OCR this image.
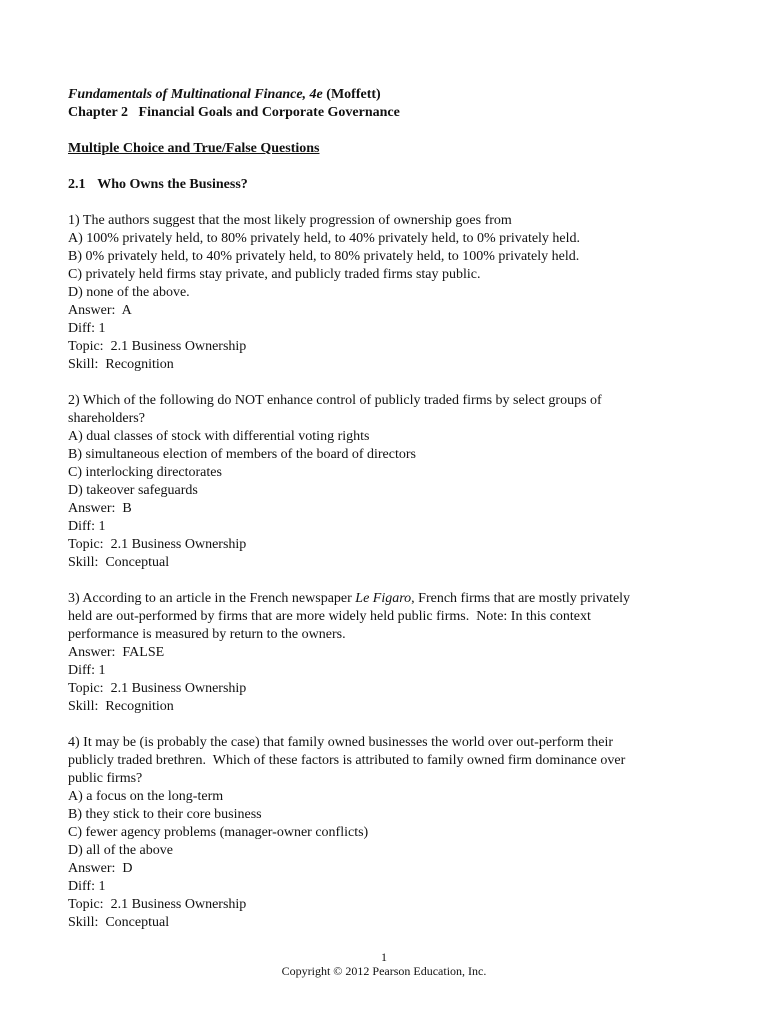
Fundamentals of Multinational Finance, 4e (Moffett)

Chapter 2   Financial Goals and Corporate Governance

Multiple Choice and True/False Questions

2.1 Who Owns the Business?

1) The authors suggest that the most likely progression of ownership goes from

A) 100% privately held, to 80% privately held, to 40% privately held, to 0% privately held.

B) 0% privately held, to 40% privately held, to 80% privately held, to 100% privately held.

C) privately held firms stay private, and publicly traded firms stay public.

D) none of the above.

Answer:  A

Diff: 1

Topic:  2.1 Business Ownership

Skill:  Recognition

2) Which of the following do NOT enhance control of publicly traded firms by select groups of

shareholders?

A) dual classes of stock with differential voting rights

B) simultaneous election of members of the board of directors

C) interlocking directorates

D) takeover safeguards

Answer:  B

Diff: 1

Topic:  2.1 Business Ownership

Skill:  Conceptual

3) According to an article in the French newspaper Le Figaro, French firms that are mostly privately

held are out-performed by firms that are more widely held public firms.  Note: In this context

performance is measured by return to the owners.

Answer:  FALSE

Diff: 1

Topic:  2.1 Business Ownership

Skill:  Recognition

4) It may be (is probably the case) that family owned businesses the world over out-perform their

publicly traded brethren.  Which of these factors is attributed to family owned firm dominance over

public firms?

A) a focus on the long-term

B) they stick to their core business

C) fewer agency problems (manager-owner conflicts)

D) all of the above

Answer:  D

Diff: 1

Topic:  2.1 Business Ownership

Skill:  Conceptual

1
Copyright © 2012 Pearson Education, Inc.
